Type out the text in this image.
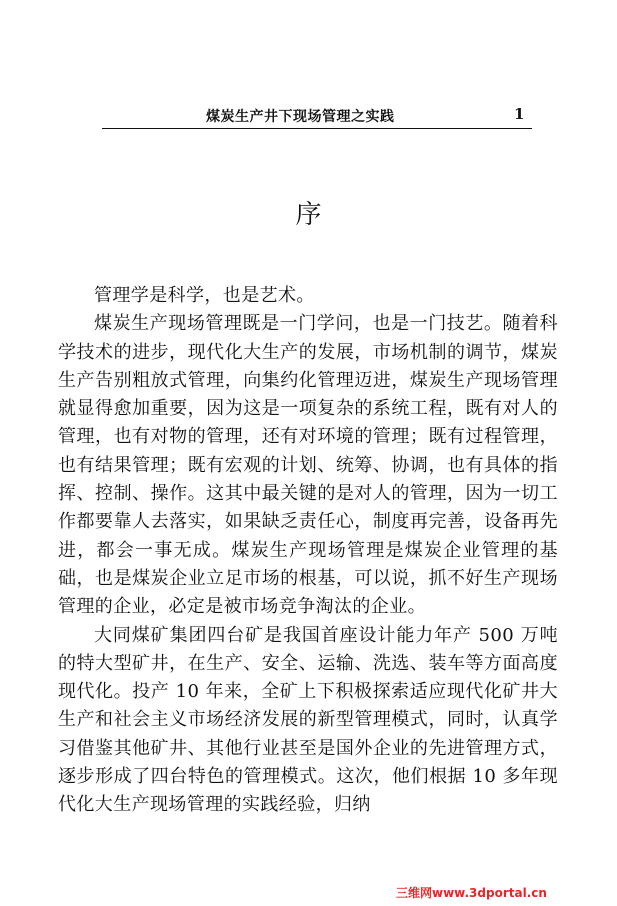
煤炭生产井下现场管理之实践	1
序

管理学是科学，也是艺术。

煤炭生产现场管理既是一门学问，也是一门技艺。随着科学技术的进步，现代化大生产的发展，市场机制的调节，煤炭生产告别粗放式管理，向集约化管理迈进，煤炭生产现场管理就显得愈加重要，因为这是一项复杂的系统工程，既有对人的管理，也有对物的管理，还有对环境的管理；既有过程管理，也有结果管理；既有宏观的计划、统筹、协调，也有具体的指挥、控制、操作。这其中最关键的是对人的管理，因为一切工作都要靠人去落实，如果缺乏责任心，制度再完善，设备再先进，都会一事无成。煤炭生产现场管理是煤炭企业管理的基础，也是煤炭企业立足市场的根基，可以说，抓不好生产现场管理的企业，必定是被市场竞争淘汰的企业。

大同煤矿集团四台矿是我国首座设计能力年产 500 万吨的特大型矿井，在生产、安全、运输、洗选、装车等方面高度现代化。投产 10 年来，全矿上下积极探索适应现代化矿井大生产和社会主义市场经济发展的新型管理模式，同时，认真学习借鉴其他矿井、其他行业甚至是国外企业的先进管理方式，逐步形成了四台特色的管理模式。这次，他们根据 10 多年现代化大生产现场管理的实践经验，归纳

三维网www.3dportal.cn
